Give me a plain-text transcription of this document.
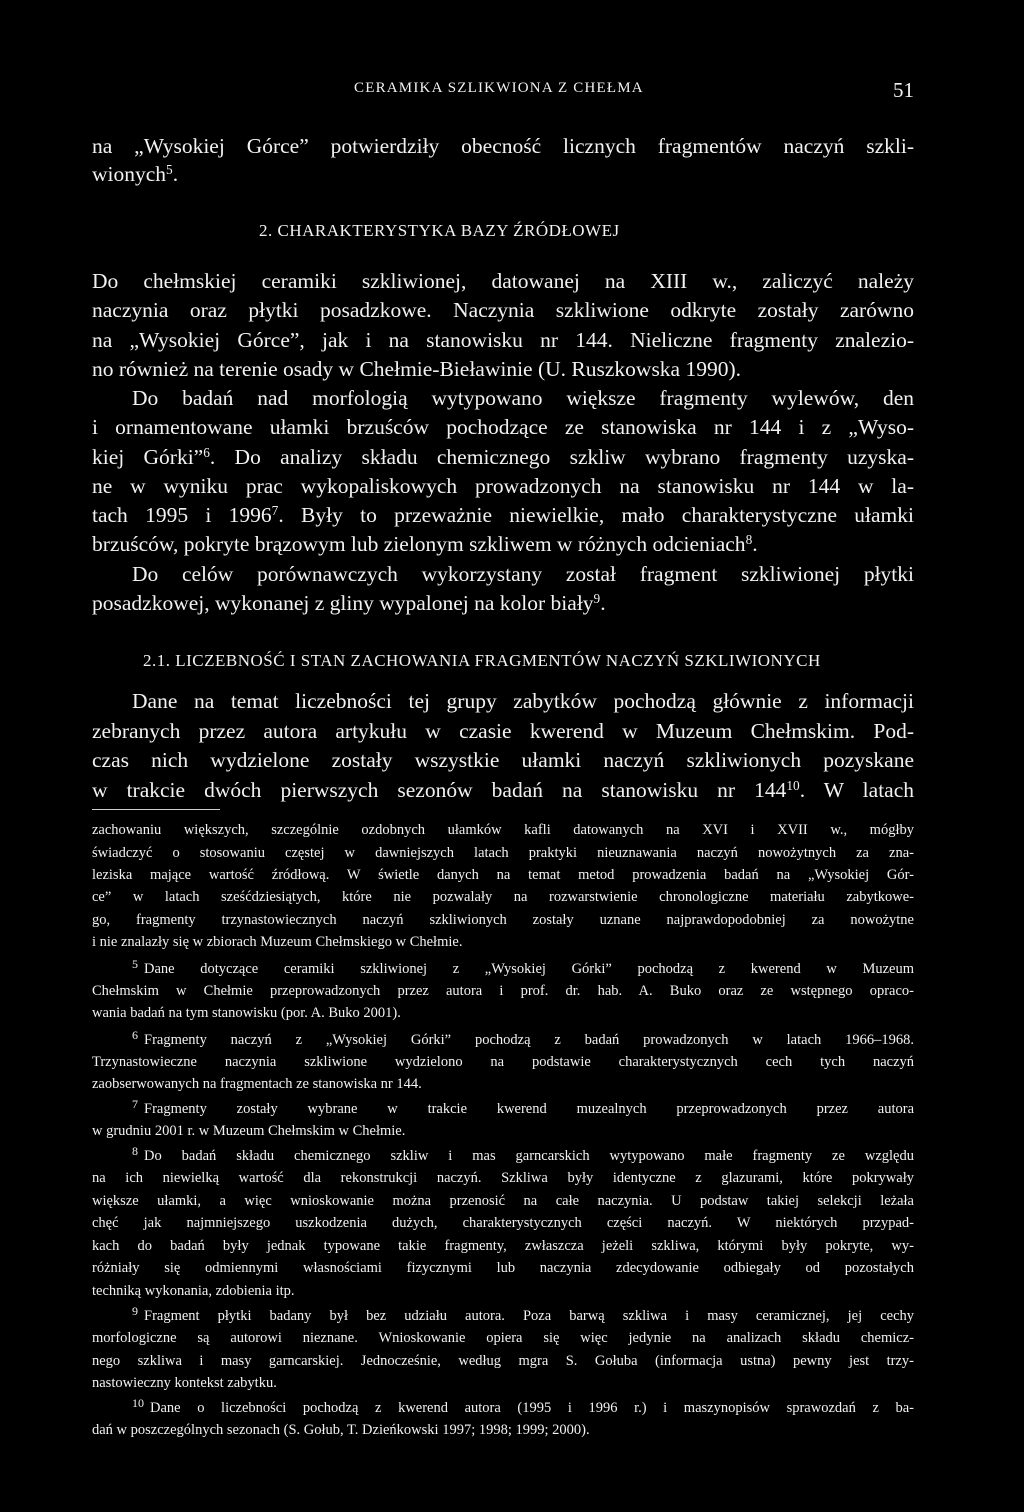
CERAMIKA SZLIKWIONA Z CHEŁMA	51
na „Wysokiej Górce” potwierdziły obecność licznych fragmentów naczyń szkli-
wionych$^5$.
2. CHARAKTERYSTYKA BAZY ŹRÓDŁOWEJ
Do chełmskiej ceramiki szkliwionej, datowanej na XIII w., zaliczyć należy
naczynia oraz płytki posadzkowe. Naczynia szkliwione odkryte zostały zarówno
na „Wysokiej Górce”, jak i na stanowisku nr 144. Nieliczne fragmenty znalezio-
no również na terenie osady w Chełmie-Bieławinie (U. Ruszkowska 1990).
Do badań nad morfologią wytypowano większe fragmenty wylewów, den
i ornamentowane ułamki brzuśców pochodzące ze stanowiska nr 144 i z „Wyso-
kiej Górki”$^6$. Do analizy składu chemicznego szkliw wybrano fragmenty uzyska-
ne w wyniku prac wykopaliskowych prowadzonych na stanowisku nr 144 w la-
tach 1995 i 1996$^7$. Były to przeważnie niewielkie, mało charakterystyczne ułamki
brzuśców, pokryte brązowym lub zielonym szkliwem w różnych odcieniach$^8$.
Do celów porównawczych wykorzystany został fragment szkliwionej płytki
posadzkowej, wykonanej z gliny wypalonej na kolor biały$^9$.
2.1. LICZEBNOŚĆ I STAN ZACHOWANIA FRAGMENTÓW NACZYŃ SZKLIWIONYCH
Dane na temat liczebności tej grupy zabytków pochodzą głównie z informacji
zebranych przez autora artykułu w czasie kwerend w Muzeum Chełmskim. Pod-
czas nich wydzielone zostały wszystkie ułamki naczyń szkliwionych pozyskane
w trakcie dwóch pierwszych sezonów badań na stanowisku nr $144^{10}$. W latach
zachowaniu większych, szczególnie ozdobnych ułamków kafli datowanych na XVI i XVII w., mógłby
świadczyć o stosowaniu częstej w dawniejszych latach praktyki nieuznawania naczyń nowożytnych za zna-
leziska mające wartość źródłową. W świetle danych na temat metod prowadzenia badań na „Wysokiej Gór-
ce” w latach sześćdziesiątych, które nie pozwalały na rozwarstwienie chronologiczne materiału zabytkowe-
go, fragmenty trzynastowiecznych naczyń szkliwionych zostały uznane najprawdopodobniej za nowożytne
i nie znalazły się w zbiorach Muzeum Chełmskiego w Chełmie.
$^5$ Dane dotyczące ceramiki szkliwionej z „Wysokiej Górki” pochodzą z kwerend w Muzeum
Chełmskim w Chełmie przeprowadzonych przez autora i prof. dr. hab. A. Buko oraz ze wstępnego opraco-
wania badań na tym stanowisku (por. A. Buko 2001).
$^6$ Fragmenty naczyń z „Wysokiej Górki” pochodzą z badań prowadzonych w latach 1966–1968.
Trzynastowieczne naczynia szkliwione wydzielono na podstawie charakterystycznych cech tych naczyń
zaobserwowanych na fragmentach ze stanowiska nr 144.
$^7$ Fragmenty zostały wybrane w trakcie kwerend muzealnych przeprowadzonych przez autora
w grudniu 2001 r. w Muzeum Chełmskim w Chełmie.
$^8$ Do badań składu chemicznego szkliw i mas garncarskich wytypowano małe fragmenty ze względu
na ich niewielką wartość dla rekonstrukcji naczyń. Szkliwa były identyczne z glazurami, które pokrywały
większe ułamki, a więc wnioskowanie można przenosić na całe naczynia. U podstaw takiej selekcji leżała
chęć jak najmniejszego uszkodzenia dużych, charakterystycznych części naczyń. W niektórych przypad-
kach do badań były jednak typowane takie fragmenty, zwłaszcza jeżeli szkliwa, którymi były pokryte, wy-
różniały się odmiennymi własnościami fizycznymi lub naczynia zdecydowanie odbiegały od pozostałych
techniką wykonania, zdobienia itp.
$^9$ Fragment płytki badany był bez udziału autora. Poza barwą szkliwa i masy ceramicznej, jej cechy
morfologiczne są autorowi nieznane. Wnioskowanie opiera się więc jedynie na analizach składu chemicz-
nego szkliwa i masy garncarskiej. Jednocześnie, według mgra S. Gołuba (informacja ustna) pewny jest trzy-
nastowieczny kontekst zabytku.
$^{10}$ Dane o liczebności pochodzą z kwerend autora (1995 i 1996 r.) i maszynopisów sprawozdań z ba-
dań w poszczególnych sezonach (S. Gołub, T. Dzieńkowski 1997; 1998; 1999; 2000).
